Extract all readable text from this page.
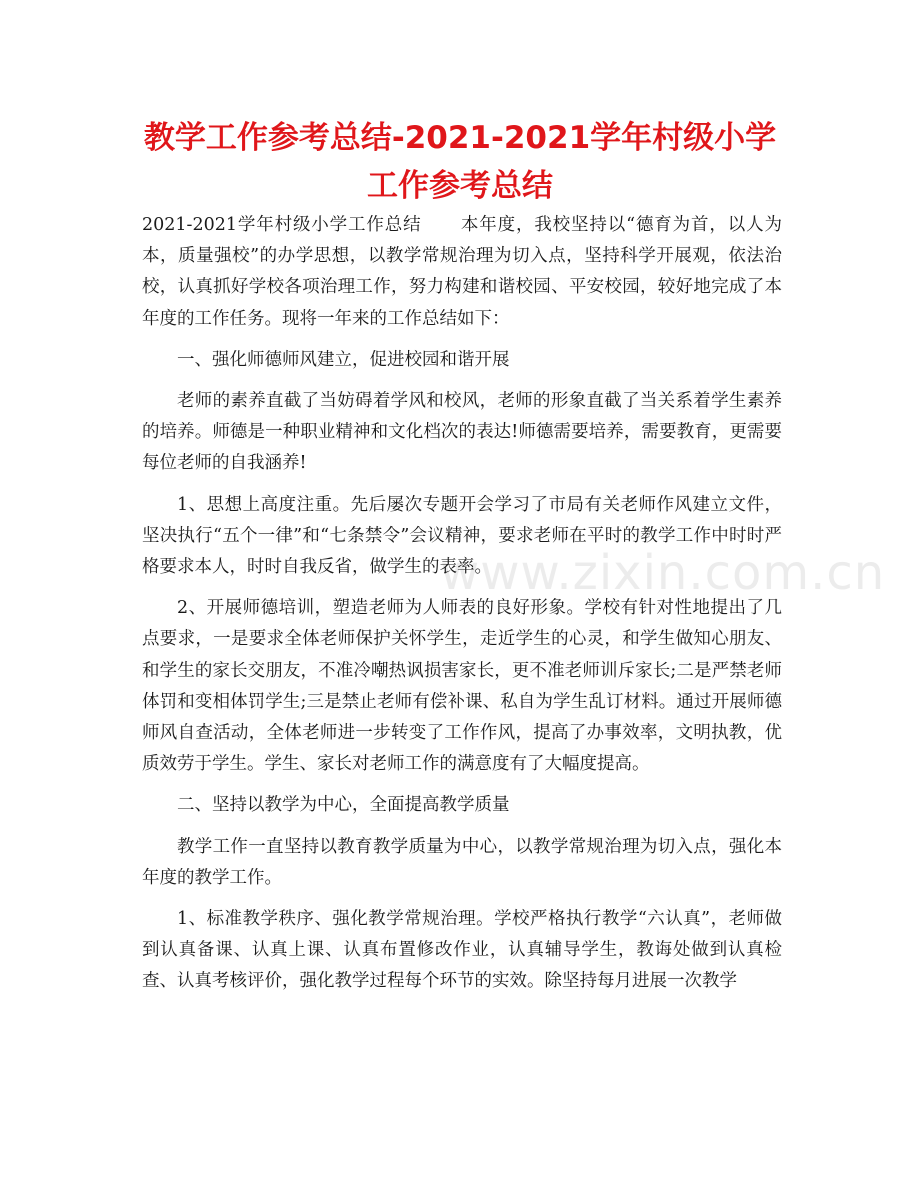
教学工作参考总结-2021-2021学年村级小学工作参考总结
www.zixin.com.cn

2021-2021学年村级小学工作总结 本年度，我校坚持以“德育为首，以人为本，质量强校”的办学思想，以教学常规治理为切入点，坚持科学开展观，依法治校，认真抓好学校各项治理工作，努力构建和谐校园、平安校园，较好地完成了本年度的工作任务。现将一年来的工作总结如下：

一、强化师德师风建立，促进校园和谐开展

老师的素养直截了当妨碍着学风和校风，老师的形象直截了当关系着学生素养的培养。师德是一种职业精神和文化档次的表达!师德需要培养，需要教育，更需要每位老师的自我涵养!

1、思想上高度注重。先后屡次专题开会学习了市局有关老师作风建立文件，坚决执行“五个一律”和“七条禁令”会议精神，要求老师在平时的教学工作中时时严格要求本人，时时自我反省，做学生的表率。

2、开展师德培训，塑造老师为人师表的良好形象。学校有针对性地提出了几点要求，一是要求全体老师保护关怀学生，走近学生的心灵，和学生做知心朋友、和学生的家长交朋友，不准冷嘲热讽损害家长，更不准老师训斥家长;二是严禁老师体罚和变相体罚学生;三是禁止老师有偿补课、私自为学生乱订材料。通过开展师德师风自查活动，全体老师进一步转变了工作作风，提高了办事效率，文明执教，优质效劳于学生。学生、家长对老师工作的满意度有了大幅度提高。

二、坚持以教学为中心，全面提高教学质量

教学工作一直坚持以教育教学质量为中心，以教学常规治理为切入点，强化本年度的教学工作。

1、标准教学秩序、强化教学常规治理。学校严格执行教学“六认真”，老师做到认真备课、认真上课、认真布置修改作业，认真辅导学生，教诲处做到认真检查、认真考核评价，强化教学过程每个环节的实效。除坚持每月进展一次教学
